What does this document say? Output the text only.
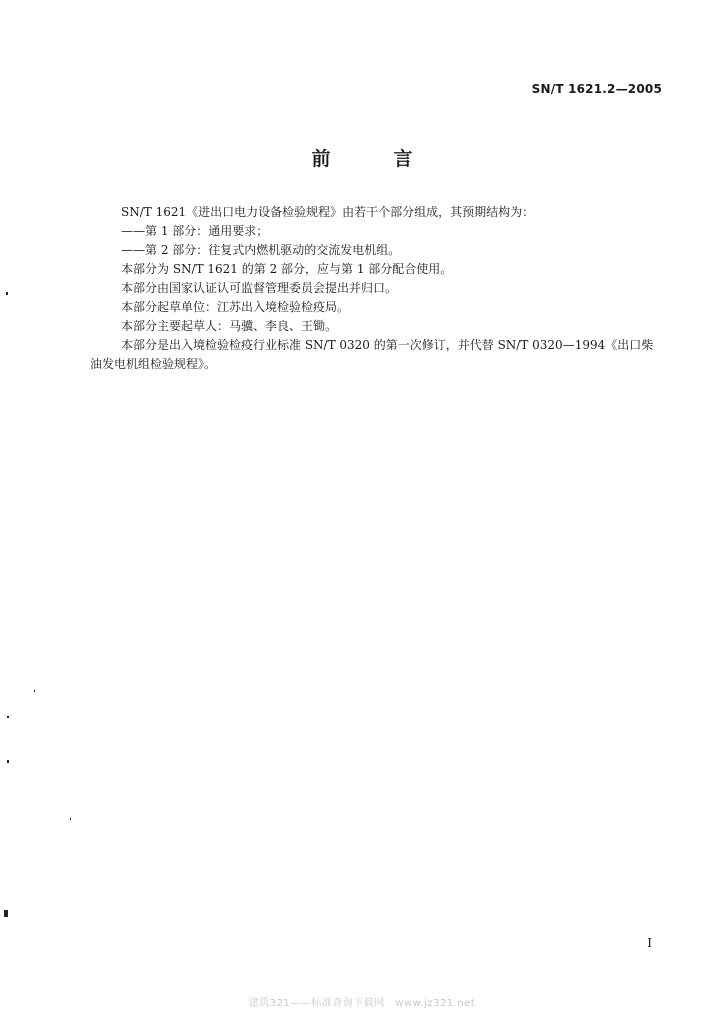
SN/T 1621.2—2005
前　言

SN/T 1621《进出口电力设备检验规程》由若干个部分组成，其预期结构为：

——第 1 部分：通用要求；

——第 2 部分：往复式内燃机驱动的交流发电机组。

本部分为 SN/T 1621 的第 2 部分，应与第 1 部分配合使用。

本部分由国家认证认可监督管理委员会提出并归口。

本部分起草单位：江苏出入境检验检疫局。

本部分主要起草人：马骥、李良、王锄。

本部分是出入境检验检疫行业标准 SN/T 0320 的第一次修订，并代替 SN/T 0320—1994《出口柴油发电机组检验规程》。

I
建筑321——标准查询下载网　www.jz321.net
